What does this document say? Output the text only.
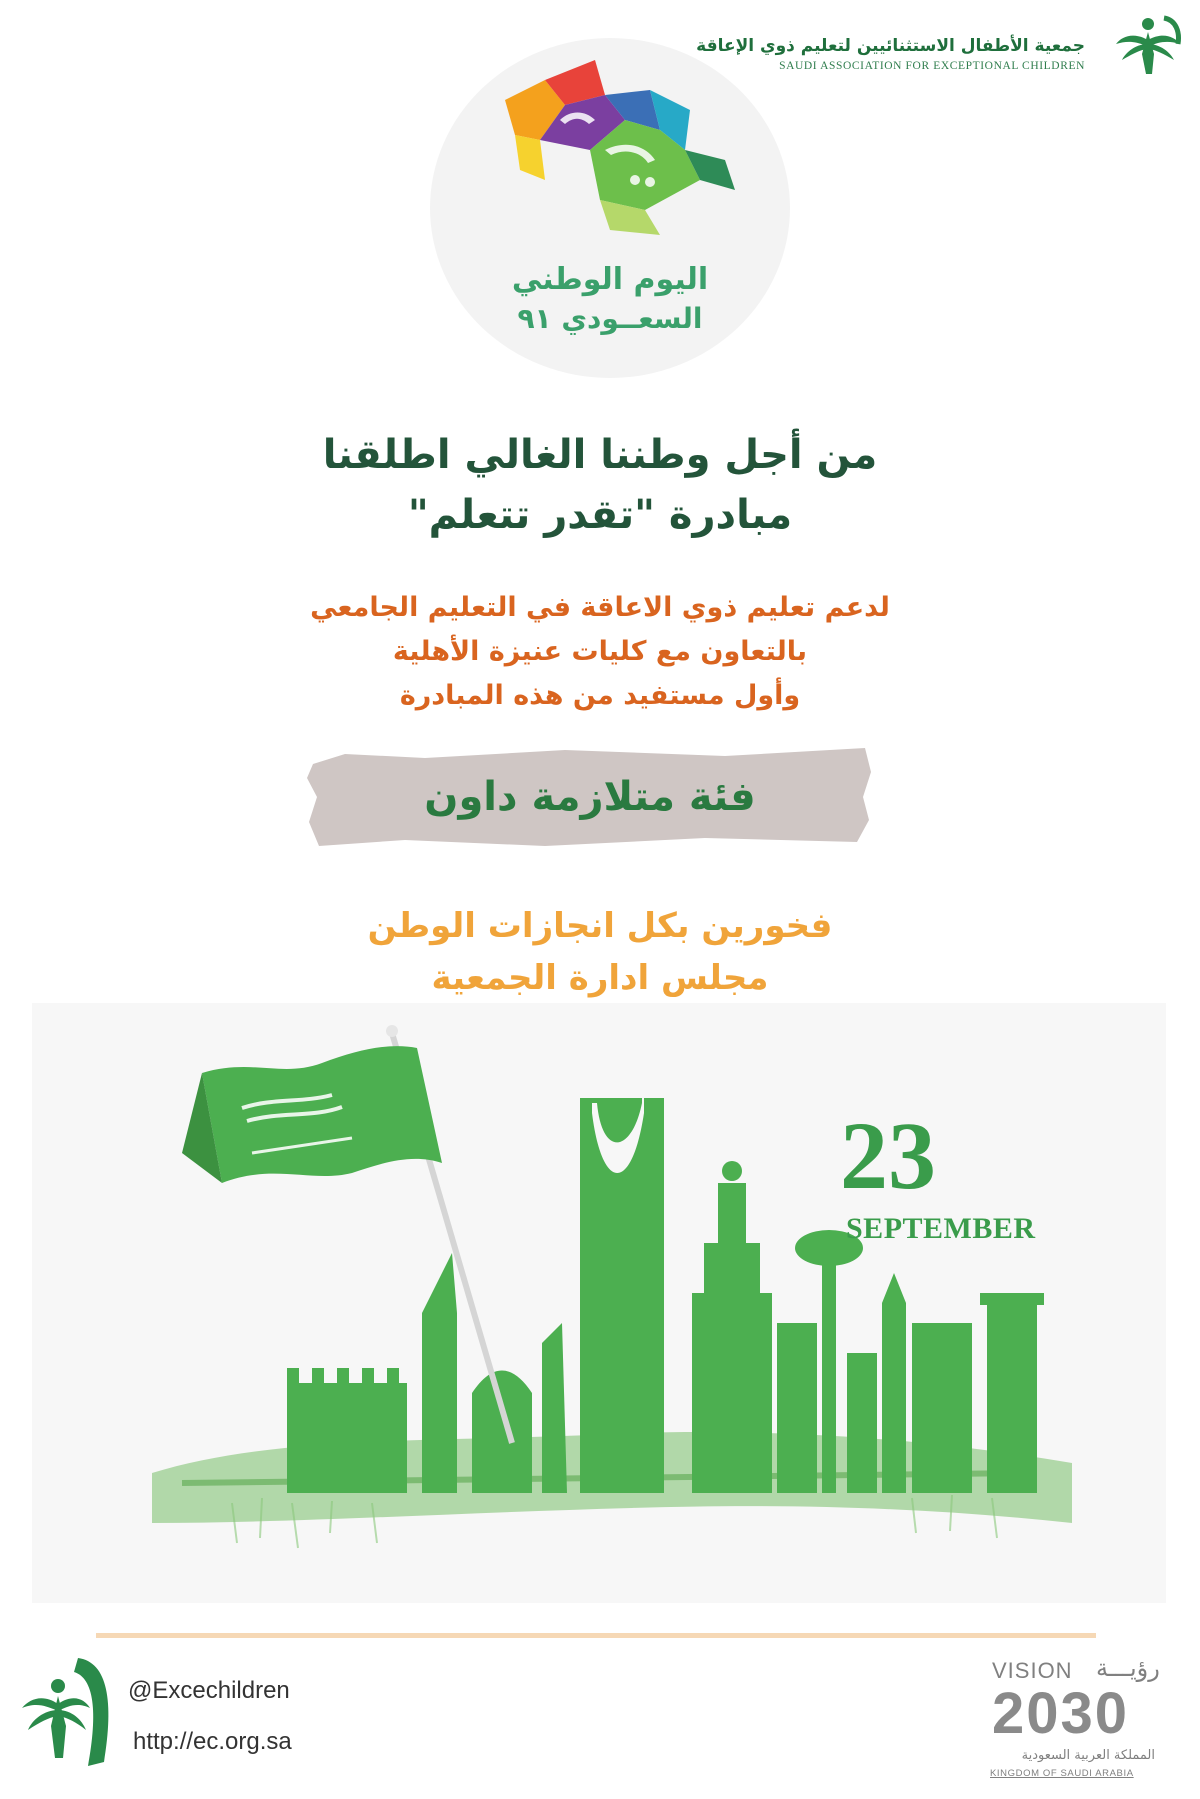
جمعية الأطفال الاستثنائيين لتعليم ذوي الإعاقة
SAUDI ASSOCIATION FOR EXCEPTIONAL CHILDREN
اليوم الوطني
السعــودي ٩١
من أجل وطننا الغالي اطلقنا
مبادرة "تقدر تتعلم"
لدعم تعليم ذوي الاعاقة في التعليم الجامعي
بالتعاون مع كليات عنيزة الأهلية
وأول مستفيد من هذه المبادرة
فئة متلازمة داون
فخورين بكل انجازات الوطن
مجلس ادارة الجمعية
23
SEPTEMBER
@Excechildren
http://ec.org.sa
VISION رؤيـــة
2030
المملكة العربية السعودية
KINGDOM OF SAUDI ARABIA
